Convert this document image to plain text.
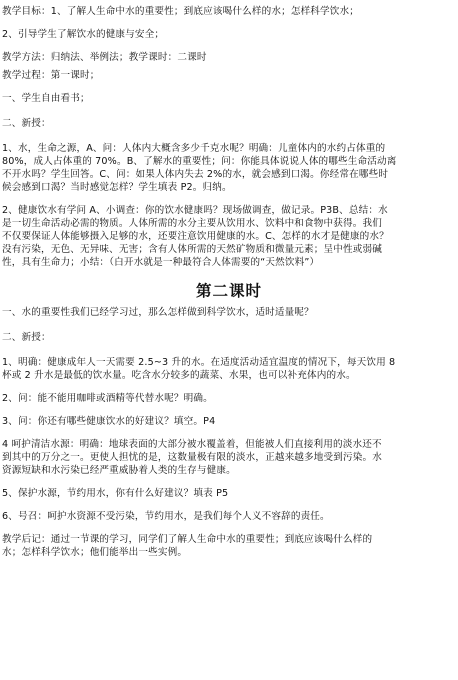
教学目标：1、了解人生命中水的重要性；到底应该喝什么样的水；怎样科学饮水；

2、引导学生了解饮水的健康与安全；

教学方法：归纳法、举例法；教学课时：二课时

教学过程：第一课时；

一、学生自由看书；

二、新授：

1、水，生命之源，A、问：人体内大概含多少千克水呢？明确：儿童体内的水约占体重的

80%，成人占体重的 70%。B、了解水的重要性；问：你能具体说说人体的哪些生命活动离

不开水吗？学生回答。C、问：如果人体内失去 2%的水，就会感到口渴。你经常在哪些时

候会感到口渴？当时感觉怎样？学生填表 P2。归纳。

2、健康饮水有学问 A、小调查：你的饮水健康吗？现场做调查，做记录。P3B、总结：水

是一切生命活动必需的物质。人体所需的水分主要从饮用水、饮料中和食物中获得。我们

不仅要保证人体能够摄入足够的水，还要注意饮用健康的水。C、怎样的水才是健康的水？

没有污染，无色、无异味、无害；含有人体所需的天然矿物质和微量元素；呈中性或弱碱

性，具有生命力；小结：（白开水就是一种最符合人体需要的“天然饮料”）

第二课时

一、水的重要性我们已经学习过，那么怎样做到科学饮水，适时适量呢？

二、新授：

1、明确：健康成年人一天需要 2.5~3 升的水。在适度活动适宜温度的情况下，每天饮用 8

杯或 2 升水是最低的饮水量。吃含水分较多的蔬菜、水果，也可以补充体内的水。

2、问：能不能用咖啡或酒精等代替水呢？明确。

3、问：你还有哪些健康饮水的好建议？填空。P4

4 呵护清洁水源：明确：地球表面的大部分被水覆盖着，但能被人们直接利用的淡水还不

到其中的万分之一。更使人担忧的是，这数量极有限的淡水，正越来越多地受到污染。水

资源短缺和水污染已经严重威胁着人类的生存与健康。

5、保护水源，节约用水，你有什么好建议？填表 P5

6、号召：呵护水资源不受污染，节约用水，是我们每个人义不容辞的责任。

教学后记：通过一节课的学习，同学们了解人生命中水的重要性；到底应该喝什么样的

水；怎样科学饮水；他们能举出一些实例。
